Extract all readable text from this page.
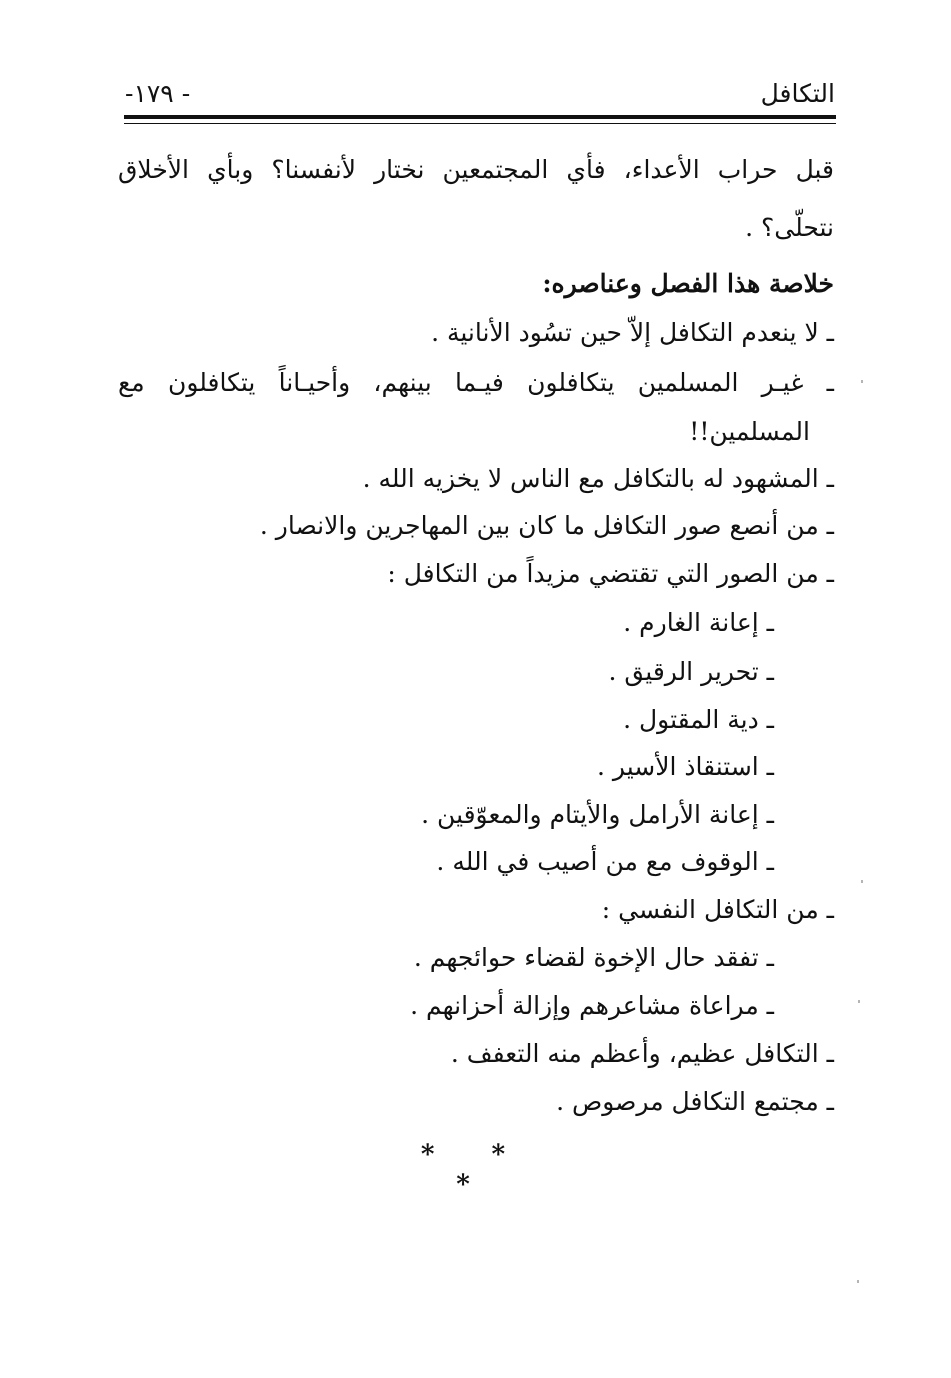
التكافل
-١٧٩ -
قبل حراب الأعداء، فأي المجتمعين نختار لأنفسنا؟ وبأي الأخلاق
نتحلّى؟ .
خلاصة هذا الفصل وعناصره:
ـ لا ينعدم التكافل إلاّ حين تسُود الأنانية .
ـ غيـر المسلمين يتكافلون فيـما بينهم، وأحيـاناً يتكافلون مع
المسلمين!!
ـ المشهود له بالتكافل مع الناس لا يخزيه الله .
ـ من أنصع صور التكافل ما كان بين المهاجرين والانصار .
ـ من الصور التي تقتضي مزيداً من التكافل :
ـ إعانة الغارم .
ـ تحرير الرقيق .
ـ دية المقتول .
ـ استنقاذ الأسير .
ـ إعانة الأرامل والأيتام والمعوّقين .
ـ الوقوف مع من أصيب في الله .
ـ من التكافل النفسي :
ـ تفقد حال الإخوة لقضاء حوائجهم .
ـ مراعاة مشاعرهم وإزالة أحزانهم .
ـ التكافل عظيم، وأعظم منه التعفف .
ـ مجتمع التكافل مرصوص .
* * *
